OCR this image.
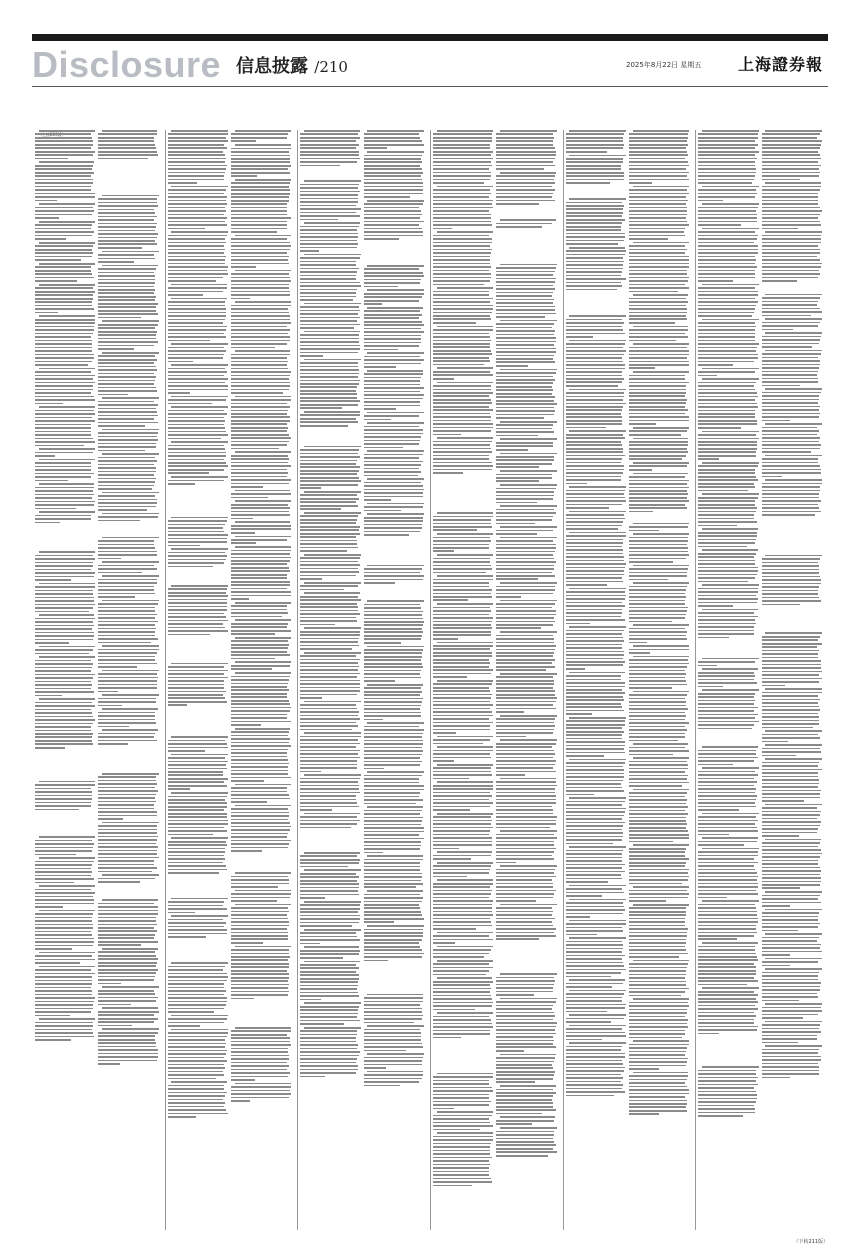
Disclosure 信息披露 /210	2025年8月22日 星期五 上海證券報
（下转211版）
